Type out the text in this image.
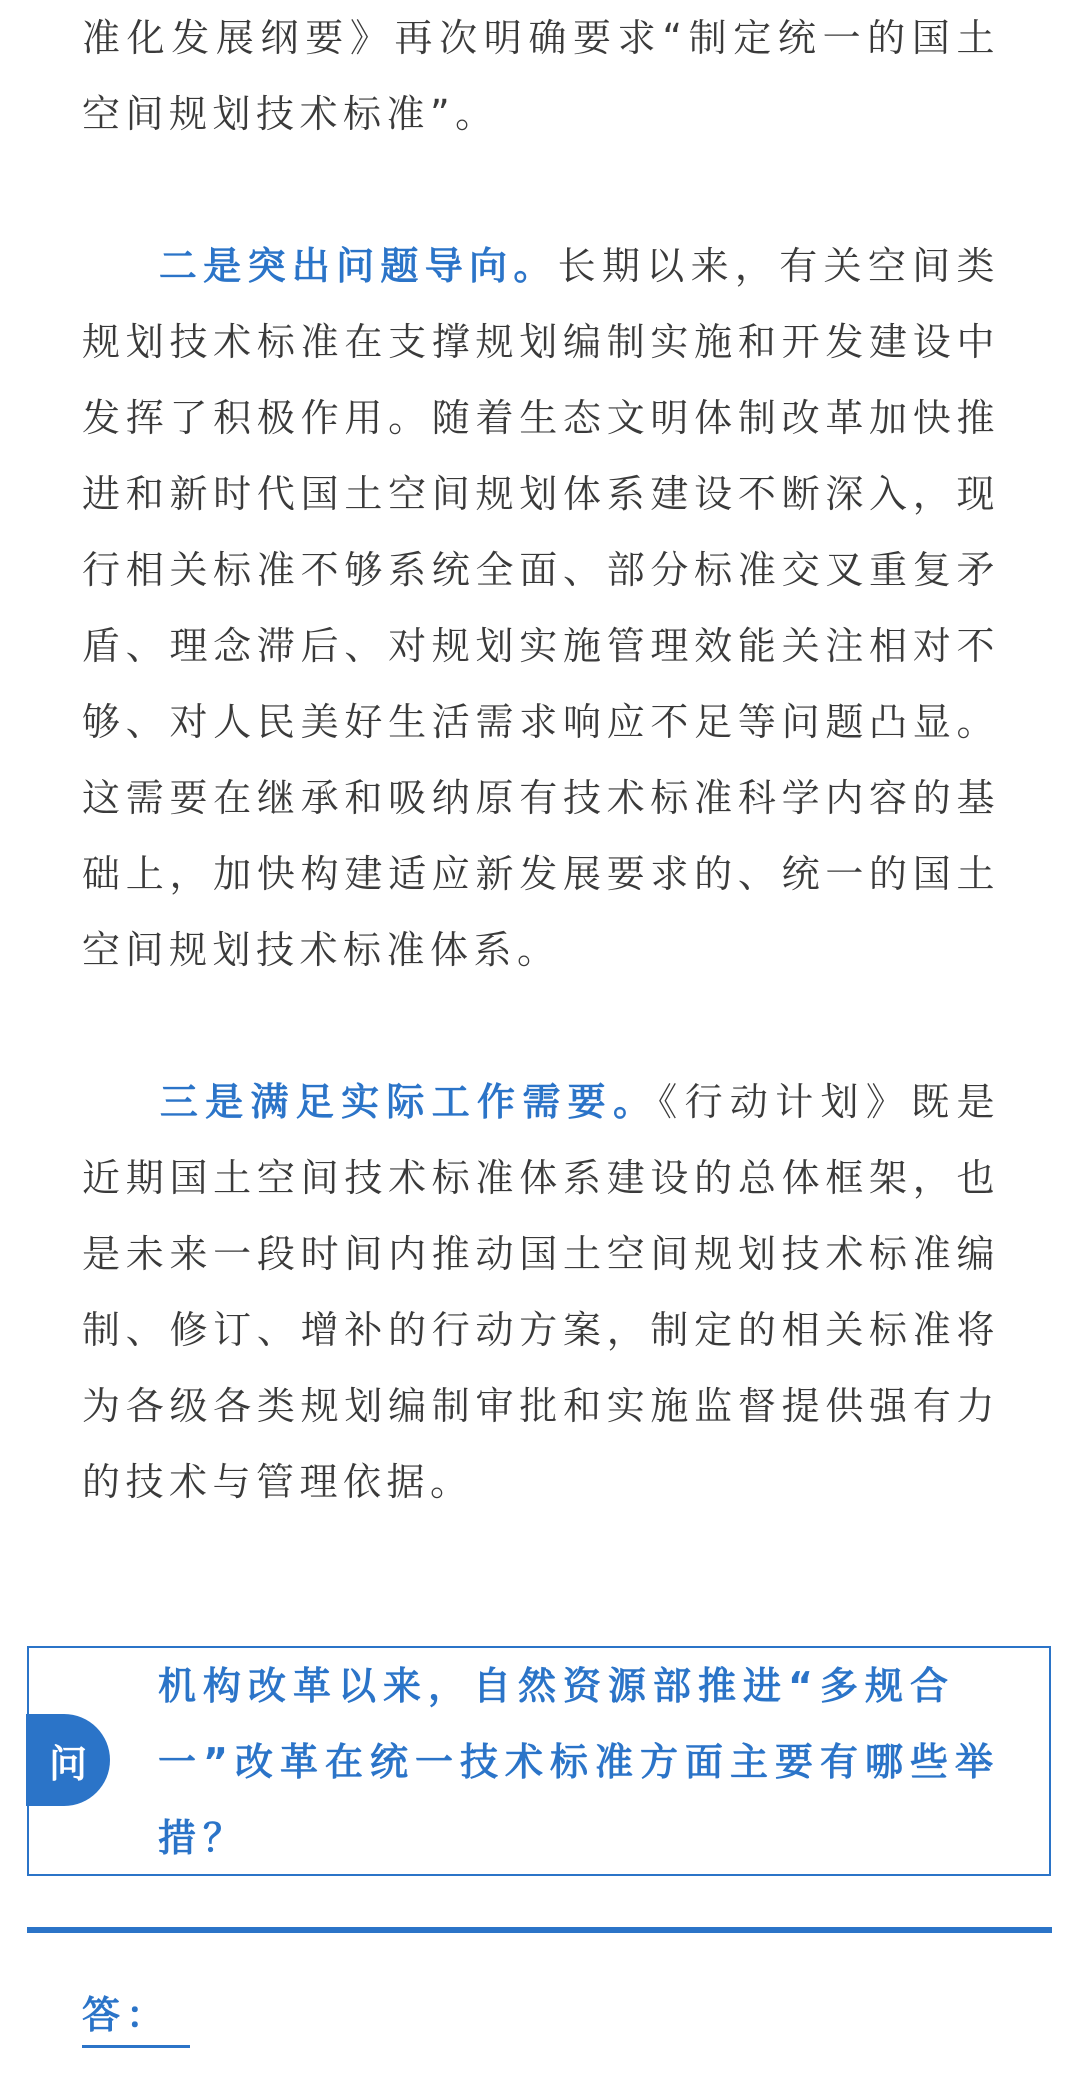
准化发展纲要》再次明确要求“制定统一的国土空间规划技术标准”。

二是突出问题导向。长期以来，有关空间类规划技术标准在支撑规划编制实施和开发建设中发挥了积极作用。随着生态文明体制改革加快推进和新时代国土空间规划体系建设不断深入，现行相关标准不够系统全面、部分标准交叉重复矛盾、理念滞后、对规划实施管理效能关注相对不够、对人民美好生活需求响应不足等问题凸显。这需要在继承和吸纳原有技术标准科学内容的基础上，加快构建适应新发展要求的、统一的国土空间规划技术标准体系。

三是满足实际工作需要。《行动计划》既是近期国土空间技术标准体系建设的总体框架，也是未来一段时间内推动国土空间规划技术标准编制、修订、增补的行动方案，制定的相关标准将为各级各类规划编制审批和实施监督提供强有力的技术与管理依据。

问

机构改革以来，自然资源部推进“多规合一”改革在统一技术标准方面主要有哪些举措？

答：
